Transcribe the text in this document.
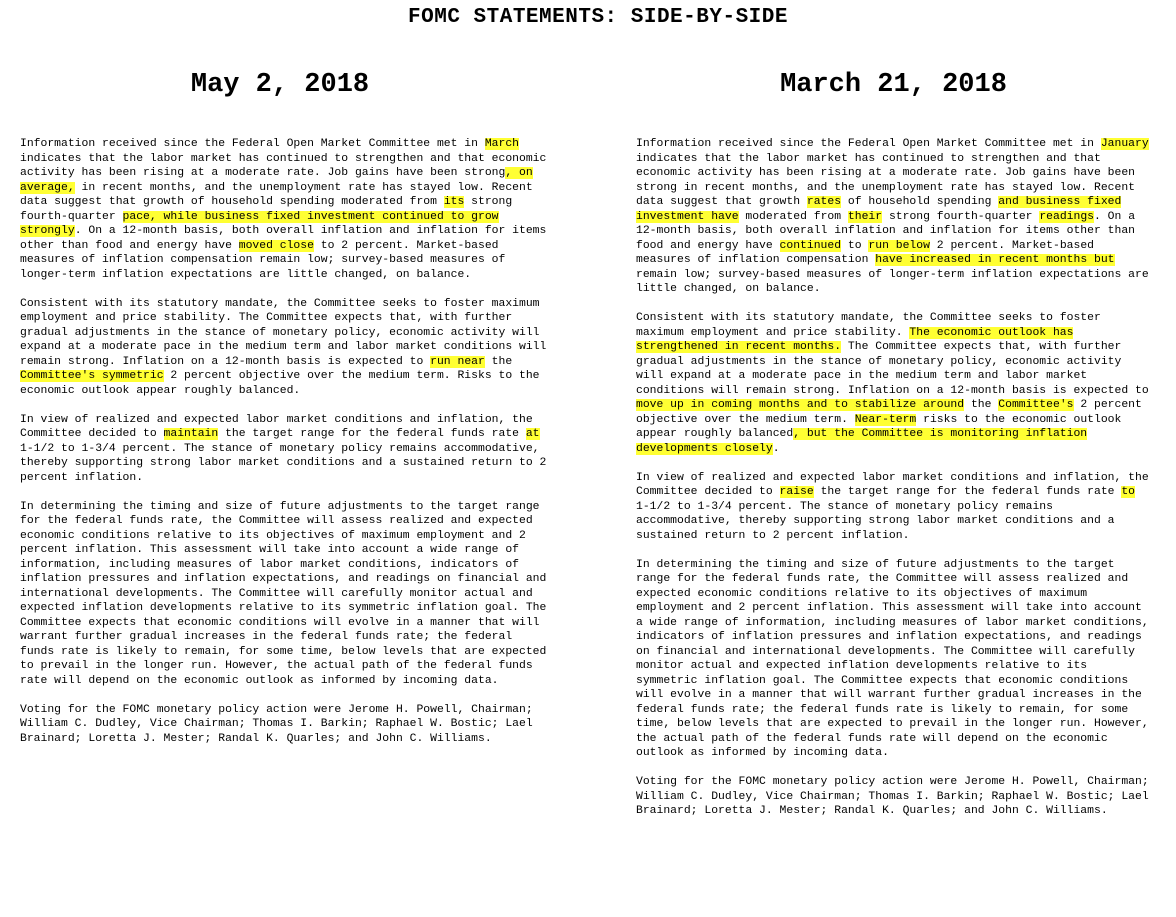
FOMC STATEMENTS: SIDE-BY-SIDE
May 2, 2018

Information received since the Federal Open Market Committee met in March indicates that the labor market has continued to strengthen and that economic activity has been rising at a moderate rate. Job gains have been strong, on average, in recent months, and the unemployment rate has stayed low. Recent data suggest that growth of household spending moderated from its strong fourth-quarter pace, while business fixed investment continued to grow strongly. On a 12-month basis, both overall inflation and inflation for items other than food and energy have moved close to 2 percent. Market-based measures of inflation compensation remain low; survey-based measures of longer-term inflation expectations are little changed, on balance.

Consistent with its statutory mandate, the Committee seeks to foster maximum employment and price stability. The Committee expects that, with further gradual adjustments in the stance of monetary policy, economic activity will expand at a moderate pace in the medium term and labor market conditions will remain strong. Inflation on a 12-month basis is expected to run near the Committee's symmetric 2 percent objective over the medium term. Risks to the economic outlook appear roughly balanced.

In view of realized and expected labor market conditions and inflation, the Committee decided to maintain the target range for the federal funds rate at 1-1/2 to 1-3/4 percent. The stance of monetary policy remains accommodative, thereby supporting strong labor market conditions and a sustained return to 2 percent inflation.

In determining the timing and size of future adjustments to the target range for the federal funds rate, the Committee will assess realized and expected economic conditions relative to its objectives of maximum employment and 2 percent inflation. This assessment will take into account a wide range of information, including measures of labor market conditions, indicators of inflation pressures and inflation expectations, and readings on financial and international developments. The Committee will carefully monitor actual and expected inflation developments relative to its symmetric inflation goal. The Committee expects that economic conditions will evolve in a manner that will warrant further gradual increases in the federal funds rate; the federal funds rate is likely to remain, for some time, below levels that are expected to prevail in the longer run. However, the actual path of the federal funds rate will depend on the economic outlook as informed by incoming data.

Voting for the FOMC monetary policy action were Jerome H. Powell, Chairman; William C. Dudley, Vice Chairman; Thomas I. Barkin; Raphael W. Bostic; Lael Brainard; Loretta J. Mester; Randal K. Quarles; and John C. Williams.

March 21, 2018

Information received since the Federal Open Market Committee met in January indicates that the labor market has continued to strengthen and that economic activity has been rising at a moderate rate. Job gains have been strong in recent months, and the unemployment rate has stayed low. Recent data suggest that growth rates of household spending and business fixed investment have moderated from their strong fourth-quarter readings. On a 12-month basis, both overall inflation and inflation for items other than food and energy have continued to run below 2 percent. Market-based measures of inflation compensation have increased in recent months but remain low; survey-based measures of longer-term inflation expectations are little changed, on balance.

Consistent with its statutory mandate, the Committee seeks to foster maximum employment and price stability. The economic outlook has strengthened in recent months. The Committee expects that, with further gradual adjustments in the stance of monetary policy, economic activity will expand at a moderate pace in the medium term and labor market conditions will remain strong. Inflation on a 12-month basis is expected to move up in coming months and to stabilize around the Committee's 2 percent objective over the medium term. Near-term risks to the economic outlook appear roughly balanced, but the Committee is monitoring inflation developments closely.

In view of realized and expected labor market conditions and inflation, the Committee decided to raise the target range for the federal funds rate to 1-1/2 to 1-3/4 percent. The stance of monetary policy remains accommodative, thereby supporting strong labor market conditions and a sustained return to 2 percent inflation.

In determining the timing and size of future adjustments to the target range for the federal funds rate, the Committee will assess realized and expected economic conditions relative to its objectives of maximum employment and 2 percent inflation. This assessment will take into account a wide range of information, including measures of labor market conditions, indicators of inflation pressures and inflation expectations, and readings on financial and international developments. The Committee will carefully monitor actual and expected inflation developments relative to its symmetric inflation goal. The Committee expects that economic conditions will evolve in a manner that will warrant further gradual increases in the federal funds rate; the federal funds rate is likely to remain, for some time, below levels that are expected to prevail in the longer run. However, the actual path of the federal funds rate will depend on the economic outlook as informed by incoming data.

Voting for the FOMC monetary policy action were Jerome H. Powell, Chairman; William C. Dudley, Vice Chairman; Thomas I. Barkin; Raphael W. Bostic; Lael Brainard; Loretta J. Mester; Randal K. Quarles; and John C. Williams.
